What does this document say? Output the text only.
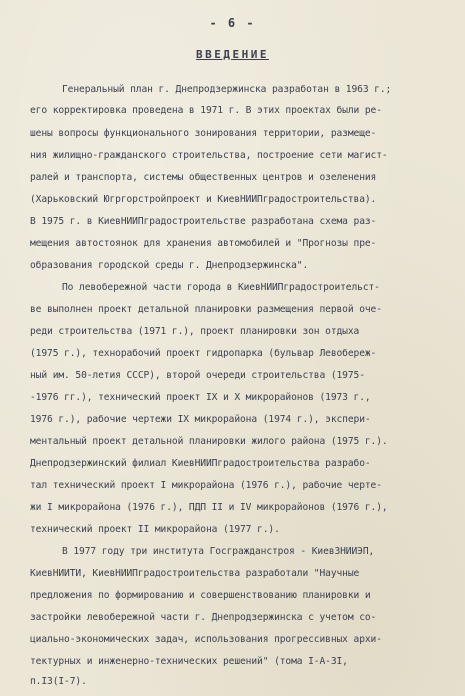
- 6 -
ВВЕДЕНИЕ
Генеральный план г. Днепродзержинска разработан в 1963 г.;
его корректировка проведена в 1971 г. В этих проектах были ре-
шены вопросы функционального зонирования территории, размеще-
ния жилищно-гражданского строительства, построение сети магист-
ралей и транспорта, системы общественных центров и озеленения
(Харьковский Югргорстройпроект и КиевНИИПградостроительства).
В 1975 г. в КиевНИИПградостроительстве разработана схема раз-
мещения автостоянок для хранения автомобилей и "Прогнозы пре-
образования городской среды г. Днепродзержинска".
По левобережной части города в КиевНИИПградостроительст-
ве выполнен проект детальной планировки размещения первой оче-
реди строительства (1971 г.), проект планировки зон отдыха
(1975 г.), технорабочий проект гидропарка (бульвар Левобереж-
ный им. 50-летия СССР), второй очереди строительства (1975-
-1976 гг.), технический проект IX и X микрорайонов (1973 г.,
1976 г.), рабочие чертежи IX микрорайона (1974 г.), экспери-
ментальный проект детальной планировки жилого района (1975 г.).
Днепродзержинский филиал КиевНИИПградостроительства разрабо-
тал технический проект I микрорайона (1976 г.), рабочие черте-
жи I микрорайона (1976 г.), ПДП II и IV микрорайонов (1976 г.),
технический проект II микрорайона (1977 г.).
В 1977 году три института Госгражданстроя - КиевЗНИИЭП,
КиевНИИТИ, КиевНИИПградостроительства разработали "Научные
предложения по формированию и совершенствованию планировки и
застройки левобережной части г. Днепродзержинска с учетом со-
циально-экономических задач, использования прогрессивных архи-
тектурных и инженерно-технических решений" (тома I-А-3I,
п.I3(I-7).
